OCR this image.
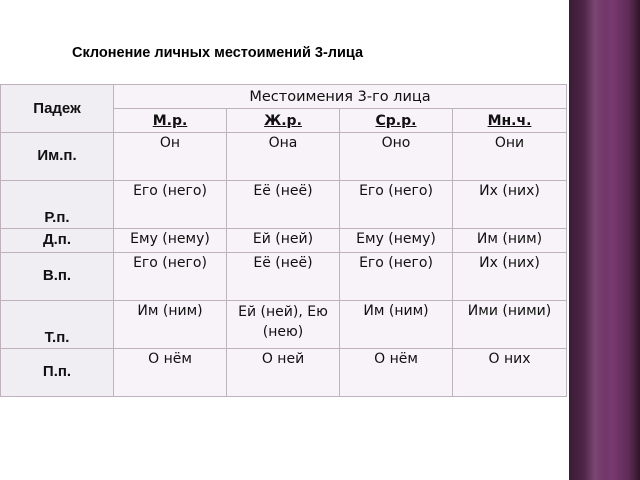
Склонение личных местоимений 3-лица
Падеж	Местоимения 3-го лица			
	М.р.	Ж.р.	Ср.р.	Мн.ч.
Им.п.	Он	Она	Оно	Они
Р.п.	Его (него)	Её (неё)	Его (него)	Их (них)
Д.п.	Ему (нему)	Ей (ней)	Ему (нему)	Им (ним)
В.п.	Его (него)	Её (неё)	Его (него)	Их (них)
Т.п.	Им (ним)	Ей (ней), Ею (нею)	Им (ним)	Ими (ними)
П.п.	О нём	О ней	О нём	О них
